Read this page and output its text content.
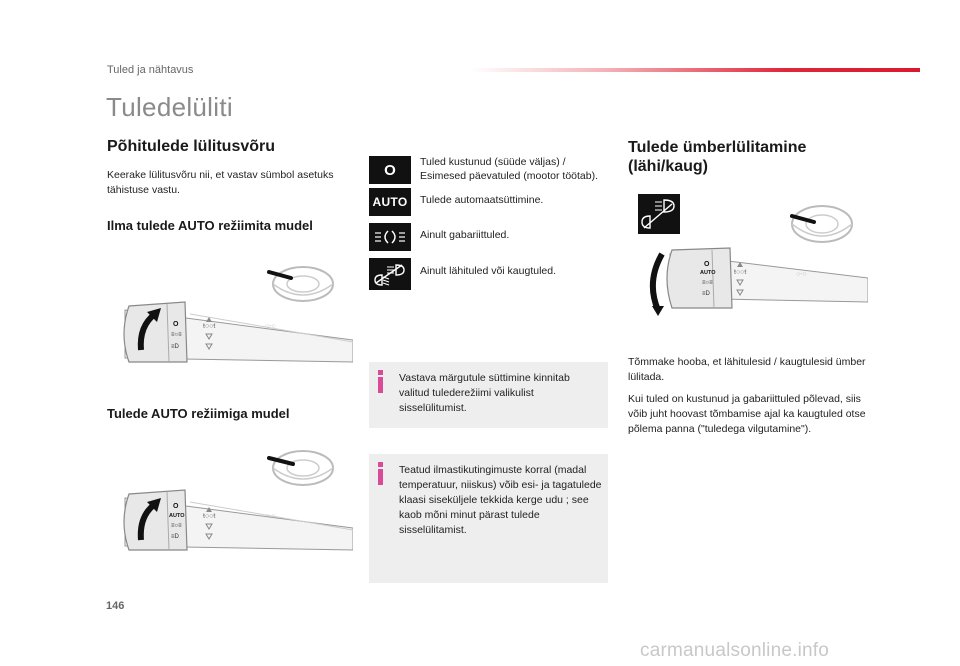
Tuled ja nähtavus
Tuledelüliti
Põhitulede lülitusvõru
Keerake lülitusvõru nii, et vastav sümbol asetuks tähistuse vastu.
Ilma tulede AUTO režiimita mudel
O
≡○≡
≡D
ŧ○○ŧ	○-○
Tulede AUTO režiimiga mudel
O
AUTO
≡○≡
≡D
ŧ○○ŧ	○-○
O Tuled kustunud (süüde väljas) / Esimesed päevatuled (mootor töötab).
AUTO Tulede automaatsüttimine.
Ainult gabariittuled.
Ainult lähituled või kaugtuled.
Vastava märgutule süttimine kinnitab valitud tulederežiimi valikulist sisselülitumist.
Teatud ilmastikutingimuste korral (madal temperatuur, niiskus) võib esi- ja tagatulede klaasi siseküljele tekkida kerge udu ; see kaob mõni minut pärast tulede sisselülitamist.
Tulede ümberlülitamine (lähi/kaug)
O
AUTO
≡○≡
≡D
ŧ○○ŧ	○-○
Tõmmake hooba, et lähitulesid / kaugtulesid ümber lülitada.
Kui tuled on kustunud ja gabariittuled põlevad, siis võib juht hoovast tõmbamise ajal ka kaugtuled otse põlema panna ("tuledega vilgutamine").
146
carmanualsonline.info
